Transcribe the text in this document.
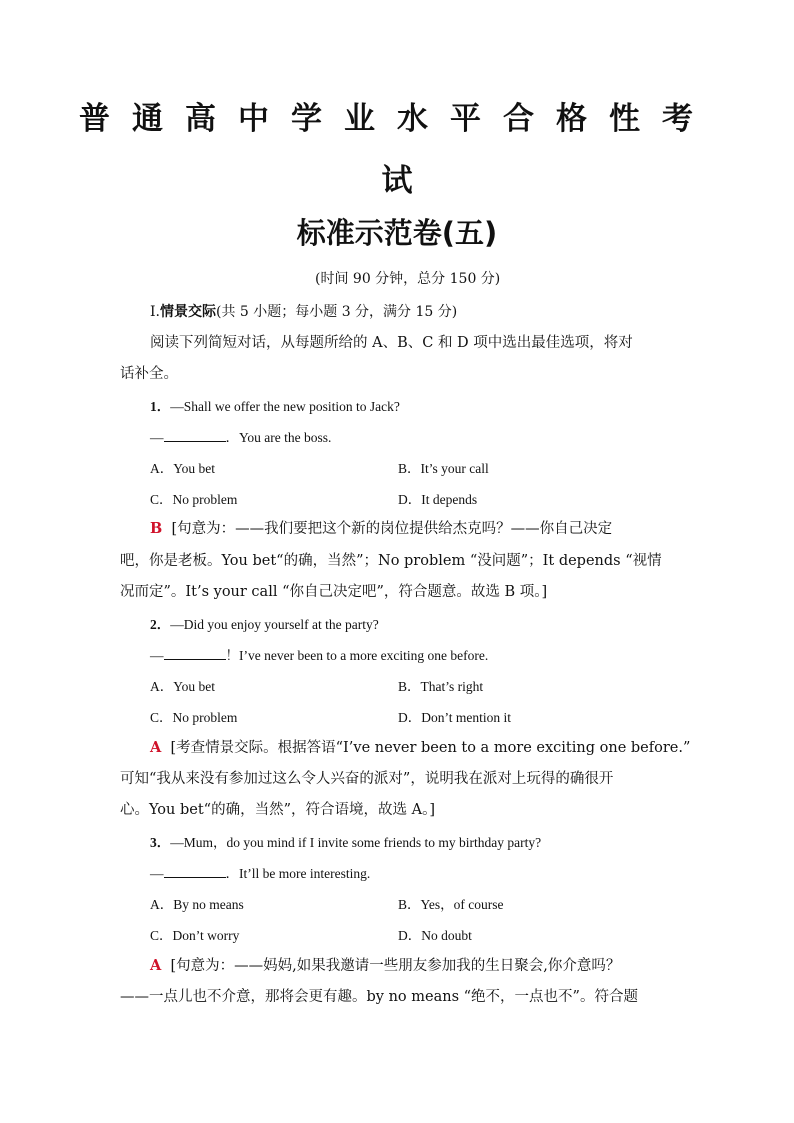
普通高中学业水平合格性考
试
标准示范卷(五)
(时间 90 分钟，总分 150 分)
Ⅰ.情景交际(共 5 小题；每小题 3 分，满分 15 分)
阅读下列简短对话，从每题所给的 A、B、C 和 D 项中选出最佳选项，将对
话补全。
1．—Shall we offer the new position to Jack?
—	．You are the boss.
A．You bet	B．It’s your call
C．No problem	D．It depends
B [句意为：——我们要把这个新的岗位提供给杰克吗？——你自己决定
吧，你是老板。You bet“的确，当然”；No problem “没问题”；It depends “视情
况而定”。It’s your call “你自己决定吧”，符合题意。故选 B 项。]
2．—Did you enjoy yourself at the party?
—	！I’ve never been to a more exciting one before.
A．You bet	B．That’s right
C．No problem	D．Don’t mention it
A [考查情景交际。根据答语“I’ve never been to a more exciting one before.”
可知“我从来没有参加过这么令人兴奋的派对”，说明我在派对上玩得的确很开
心。You bet“的确，当然”，符合语境，故选 A。]
3．—Mum，do you mind if I invite some friends to my birthday party?
—	．It’ll be more interesting.
A．By no means	B．Yes，of course
C．Don’t worry	D．No doubt
A [句意为：——妈妈,如果我邀请一些朋友参加我的生日聚会,你介意吗？
——一点儿也不介意，那将会更有趣。by no means “绝不，一点也不”。符合题
